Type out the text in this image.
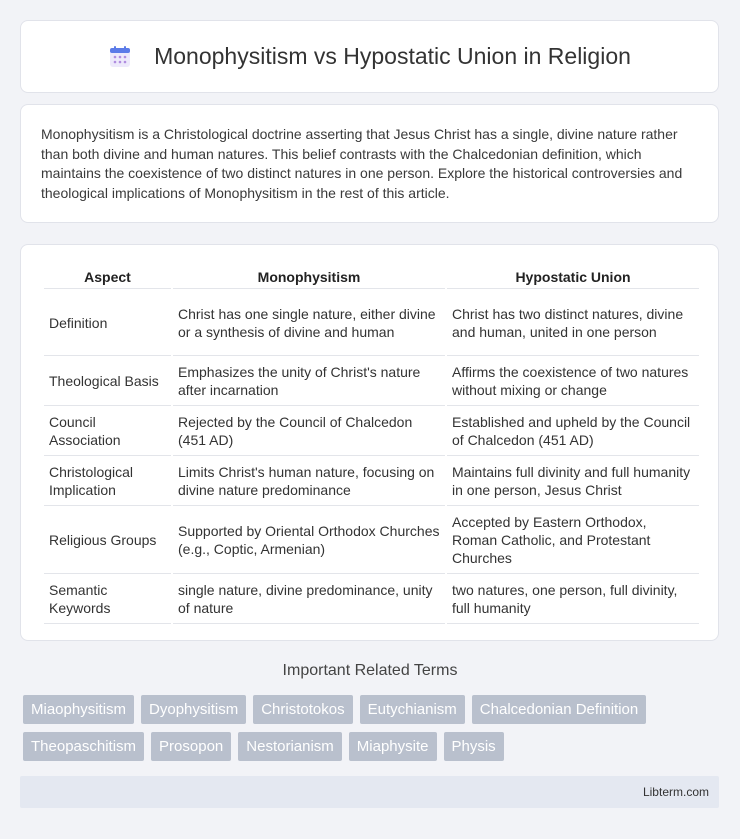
Monophysitism vs Hypostatic Union in Religion

Monophysitism is a Christological doctrine asserting that Jesus Christ has a single, divine nature rather than both divine and human natures. This belief contrasts with the Chalcedonian definition, which maintains the coexistence of two distinct natures in one person. Explore the historical controversies and theological implications of Monophysitism in the rest of this article.

Aspect	Monophysitism	Hypostatic Union
Definition	Christ has one single nature, either divine or a synthesis of divine and human	Christ has two distinct natures, divine and human, united in one person
Theological Basis	Emphasizes the unity of Christ's nature after incarnation	Affirms the coexistence of two natures without mixing or change
Council Association	Rejected by the Council of Chalcedon (451 AD)	Established and upheld by the Council of Chalcedon (451 AD)
Christological Implication	Limits Christ's human nature, focusing on divine nature predominance	Maintains full divinity and full humanity in one person, Jesus Christ
Religious Groups	Supported by Oriental Orthodox Churches (e.g., Coptic, Armenian)	Accepted by Eastern Orthodox, Roman Catholic, and Protestant Churches
Semantic Keywords	single nature, divine predominance, unity of nature	two natures, one person, full divinity, full humanity
Important Related Terms
Miaophysitism	Dyophysitism	Christotokos	Eutychianism	Chalcedonian Definition
Theopaschitism	Prosopon	Nestorianism	Miaphysite	Physis
Libterm.com
